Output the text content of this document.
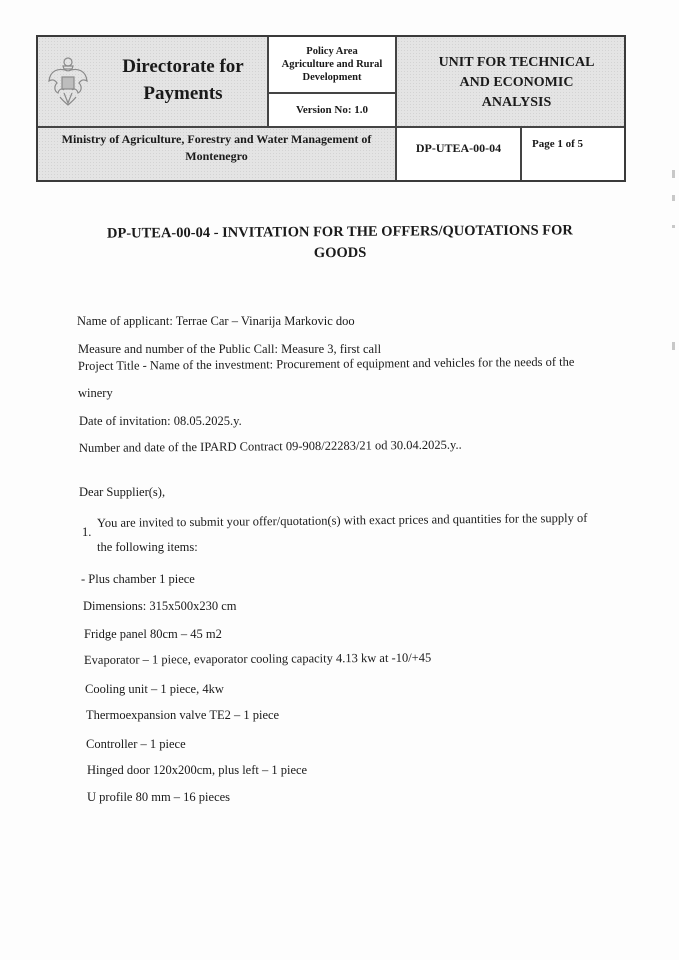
Directorate for
Payments
Policy Area
Agriculture and Rural
Development
Version No: 1.0
UNIT FOR TECHNICAL
AND ECONOMIC
ANALYSIS
Ministry of Agriculture, Forestry and Water Management of
Montenegro
DP-UTEA-00-04	Page 1 of 5
DP-UTEA-00-04 - INVITATION FOR THE OFFERS/QUOTATIONS FOR
GOODS
Name of applicant: Terrae Car – Vinarija Markovic doo
Measure and number of the Public Call: Measure 3, first call
Project Title - Name of the investment: Procurement of equipment and vehicles for the needs of the
winery
Date of invitation: 08.05.2025.y.
Number and date of the IPARD Contract 09-908/22283/21 od 30.04.2025.y..
Dear Supplier(s),
1.
You are invited to submit your offer/quotation(s) with exact prices and quantities for the supply of
the following items:
- Plus chamber 1 piece
Dimensions: 315x500x230 cm
Fridge panel 80cm – 45 m2
Evaporator – 1 piece, evaporator cooling capacity 4.13 kw at -10/+45
Cooling unit – 1 piece, 4kw
Thermoexpansion valve TE2 – 1 piece
Controller – 1 piece
Hinged door 120x200cm, plus left – 1 piece
U profile 80 mm – 16 pieces
